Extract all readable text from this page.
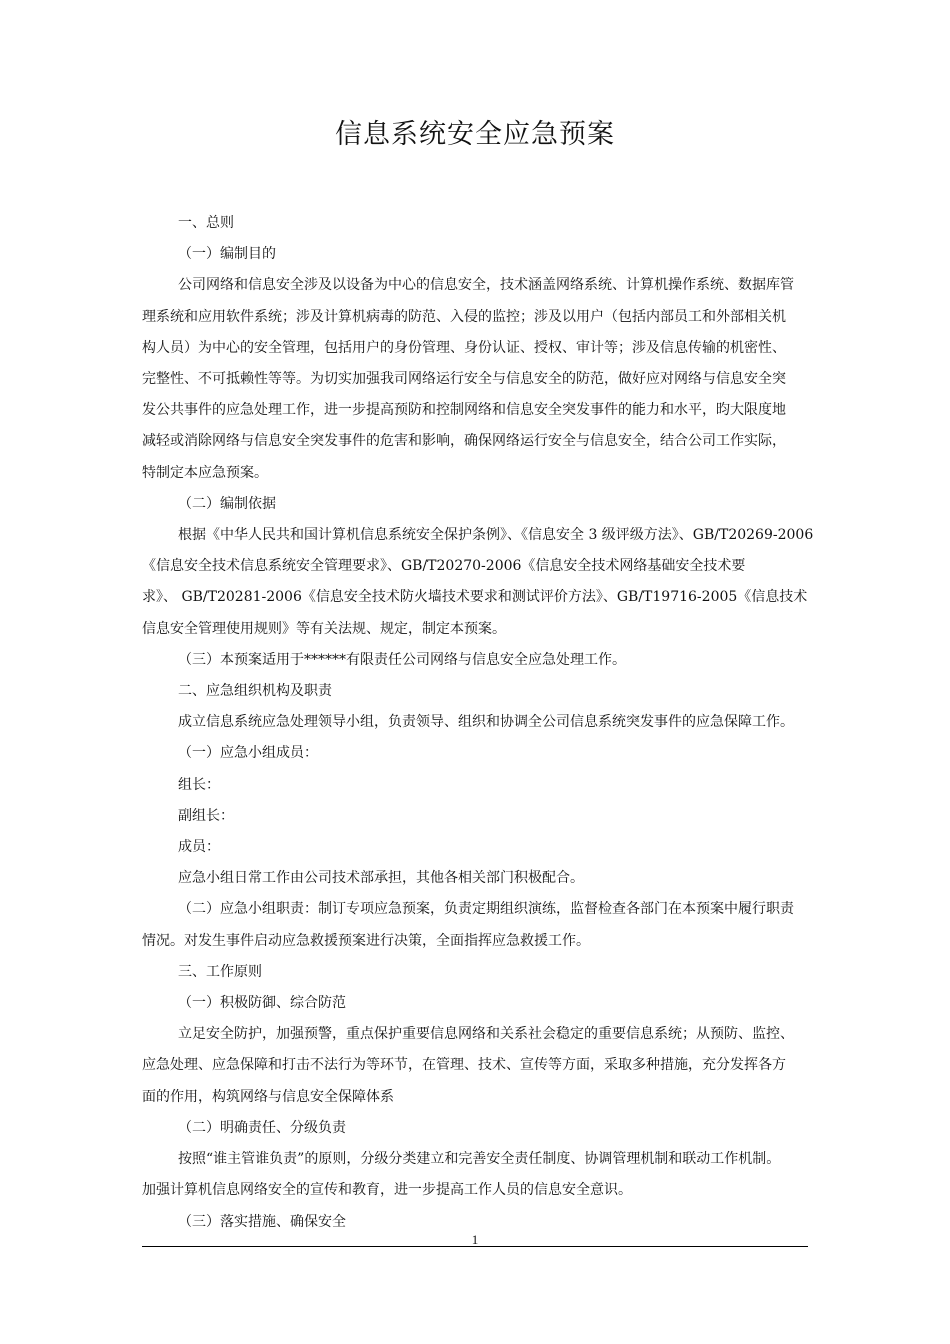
信息系统安全应急预案

一、总则

（一）编制目的

公司网络和信息安全涉及以设备为中心的信息安全，技术涵盖网络系统、计算机操作系统、数据库管

理系统和应用软件系统；涉及计算机病毒的防范、入侵的监控；涉及以用户（包括内部员工和外部相关机

构人员）为中心的安全管理，包括用户的身份管理、身份认证、授权、审计等；涉及信息传输的机密性、

完整性、不可抵赖性等等。为切实加强我司网络运行安全与信息安全的防范，做好应对网络与信息安全突

发公共事件的应急处理工作，进一步提高预防和控制网络和信息安全突发事件的能力和水平，昀大限度地

减轻或消除网络与信息安全突发事件的危害和影响，确保网络运行安全与信息安全，结合公司工作实际，

特制定本应急预案。

（二）编制依据

根据《中华人民共和国计算机信息系统安全保护条例》、《信息安全 3 级评级方法》、GB/T20269-2006

《信息安全技术信息系统安全管理要求》、GB/T20270-2006《信息安全技术网络基础安全技术要

求》、 GB/T20281-2006《信息安全技术防火墙技术要求和测试评价方法》、GB/T19716-2005《信息技术

信息安全管理使用规则》等有关法规、规定，制定本预案。

（三）本预案适用于******有限责任公司网络与信息安全应急处理工作。

二、应急组织机构及职责

成立信息系统应急处理领导小组，负责领导、组织和协调全公司信息系统突发事件的应急保障工作。

（一）应急小组成员：

组长：

副组长：

成员：

应急小组日常工作由公司技术部承担，其他各相关部门积极配合。

（二）应急小组职责：制订专项应急预案，负责定期组织演练，监督检查各部门在本预案中履行职责

情况。对发生事件启动应急救援预案进行决策，全面指挥应急救援工作。

三、工作原则

（一）积极防御、综合防范

立足安全防护，加强预警，重点保护重要信息网络和关系社会稳定的重要信息系统；从预防、监控、

应急处理、应急保障和打击不法行为等环节，在管理、技术、宣传等方面，采取多种措施，充分发挥各方

面的作用，构筑网络与信息安全保障体系

（二）明确责任、分级负责

按照“谁主管谁负责”的原则，分级分类建立和完善安全责任制度、协调管理机制和联动工作机制。

加强计算机信息网络安全的宣传和教育，进一步提高工作人员的信息安全意识。

（三）落实措施、确保安全

1
